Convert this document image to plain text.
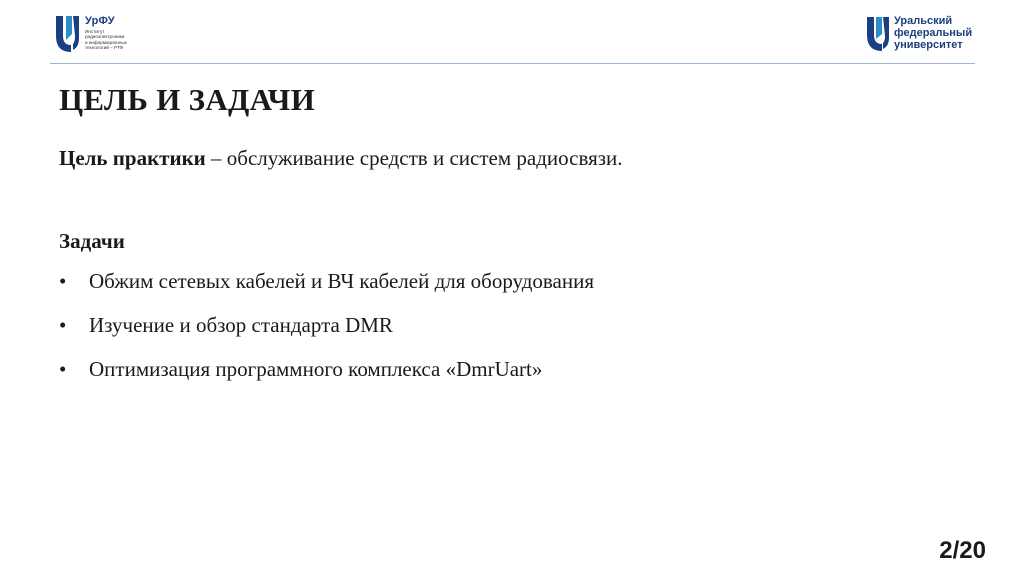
УрФУ
Институт
радиоэлектроники
и информационных
технологий – РТФ
Уральский
федеральный
университет
ЦЕЛЬ И ЗАДАЧИ
Цель практики – обслуживание средств и систем радиосвязи.
Задачи
• Обжим сетевых кабелей и ВЧ кабелей для оборудования
• Изучение и обзор стандарта DMR
• Оптимизация программного комплекса «DmrUart»
2/20
